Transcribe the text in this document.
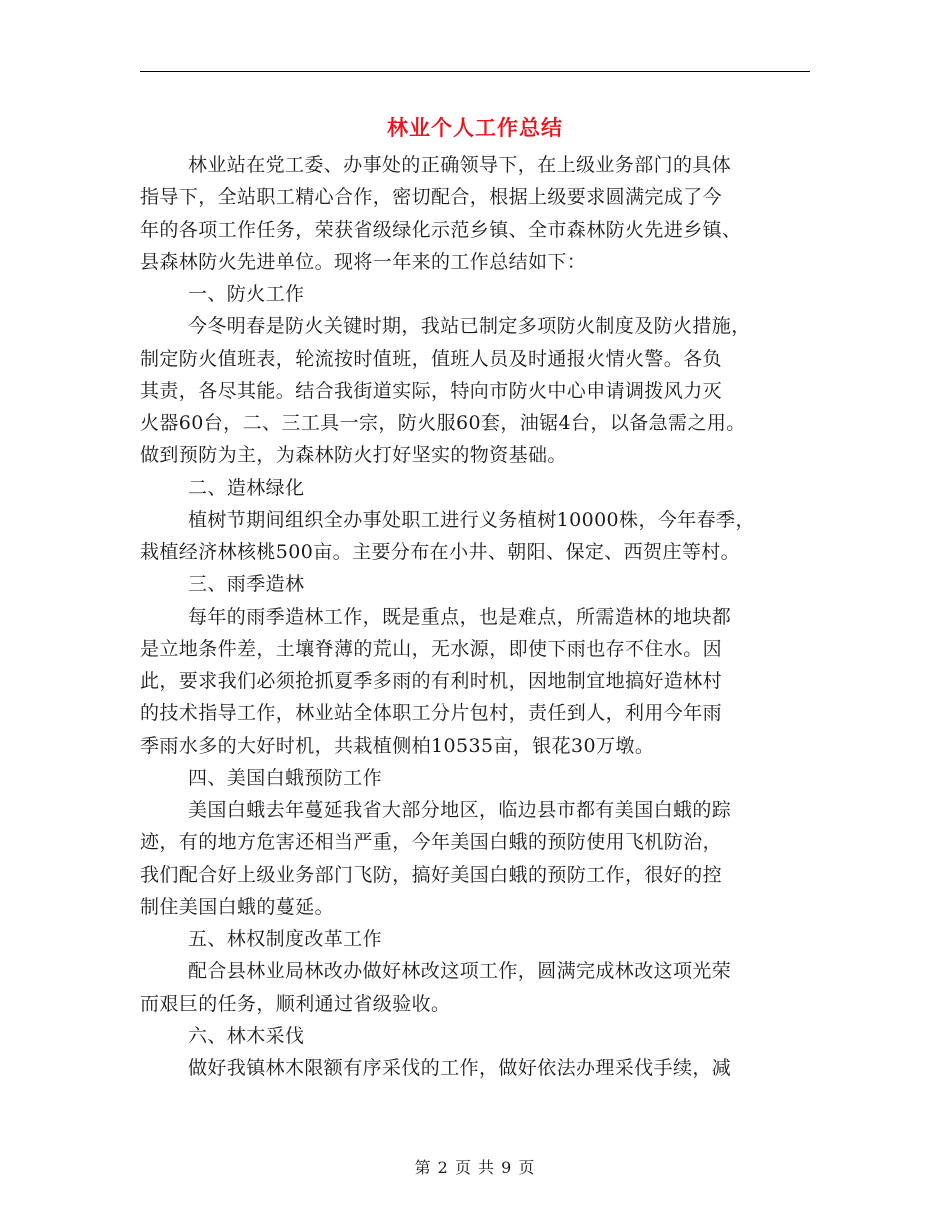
林业个人工作总结
林业站在党工委、办事处的正确领导下，在上级业务部门的具体
指导下，全站职工精心合作，密切配合，根据上级要求圆满完成了今
年的各项工作任务，荣获省级绿化示范乡镇、全市森林防火先进乡镇、
县森林防火先进单位。现将一年来的工作总结如下：
一、防火工作
今冬明春是防火关键时期，我站已制定多项防火制度及防火措施，
制定防火值班表，轮流按时值班，值班人员及时通报火情火警。各负
其责，各尽其能。结合我街道实际，特向市防火中心申请调拨风力灭
火器60台，二、三工具一宗，防火服60套，油锯4台，以备急需之用。
做到预防为主，为森林防火打好坚实的物资基础。
二、造林绿化
植树节期间组织全办事处职工进行义务植树10000株，今年春季，
栽植经济林核桃500亩。主要分布在小井、朝阳、保定、西贺庄等村。
三、雨季造林
每年的雨季造林工作，既是重点，也是难点，所需造林的地块都
是立地条件差，土壤脊薄的荒山，无水源，即使下雨也存不住水。因
此，要求我们必须抢抓夏季多雨的有利时机，因地制宜地搞好造林村
的技术指导工作，林业站全体职工分片包村，责任到人，利用今年雨
季雨水多的大好时机，共栽植侧柏10535亩，银花30万墩。
四、美国白蛾预防工作
美国白蛾去年蔓延我省大部分地区，临边县市都有美国白蛾的踪
迹，有的地方危害还相当严重，今年美国白蛾的预防使用飞机防治，
我们配合好上级业务部门飞防，搞好美国白蛾的预防工作，很好的控
制住美国白蛾的蔓延。
五、林权制度改革工作
配合县林业局林改办做好林改这项工作，圆满完成林改这项光荣
而艰巨的任务，顺利通过省级验收。
六、林木采伐
做好我镇林木限额有序采伐的工作，做好依法办理采伐手续，减
第 2 页 共 9 页
